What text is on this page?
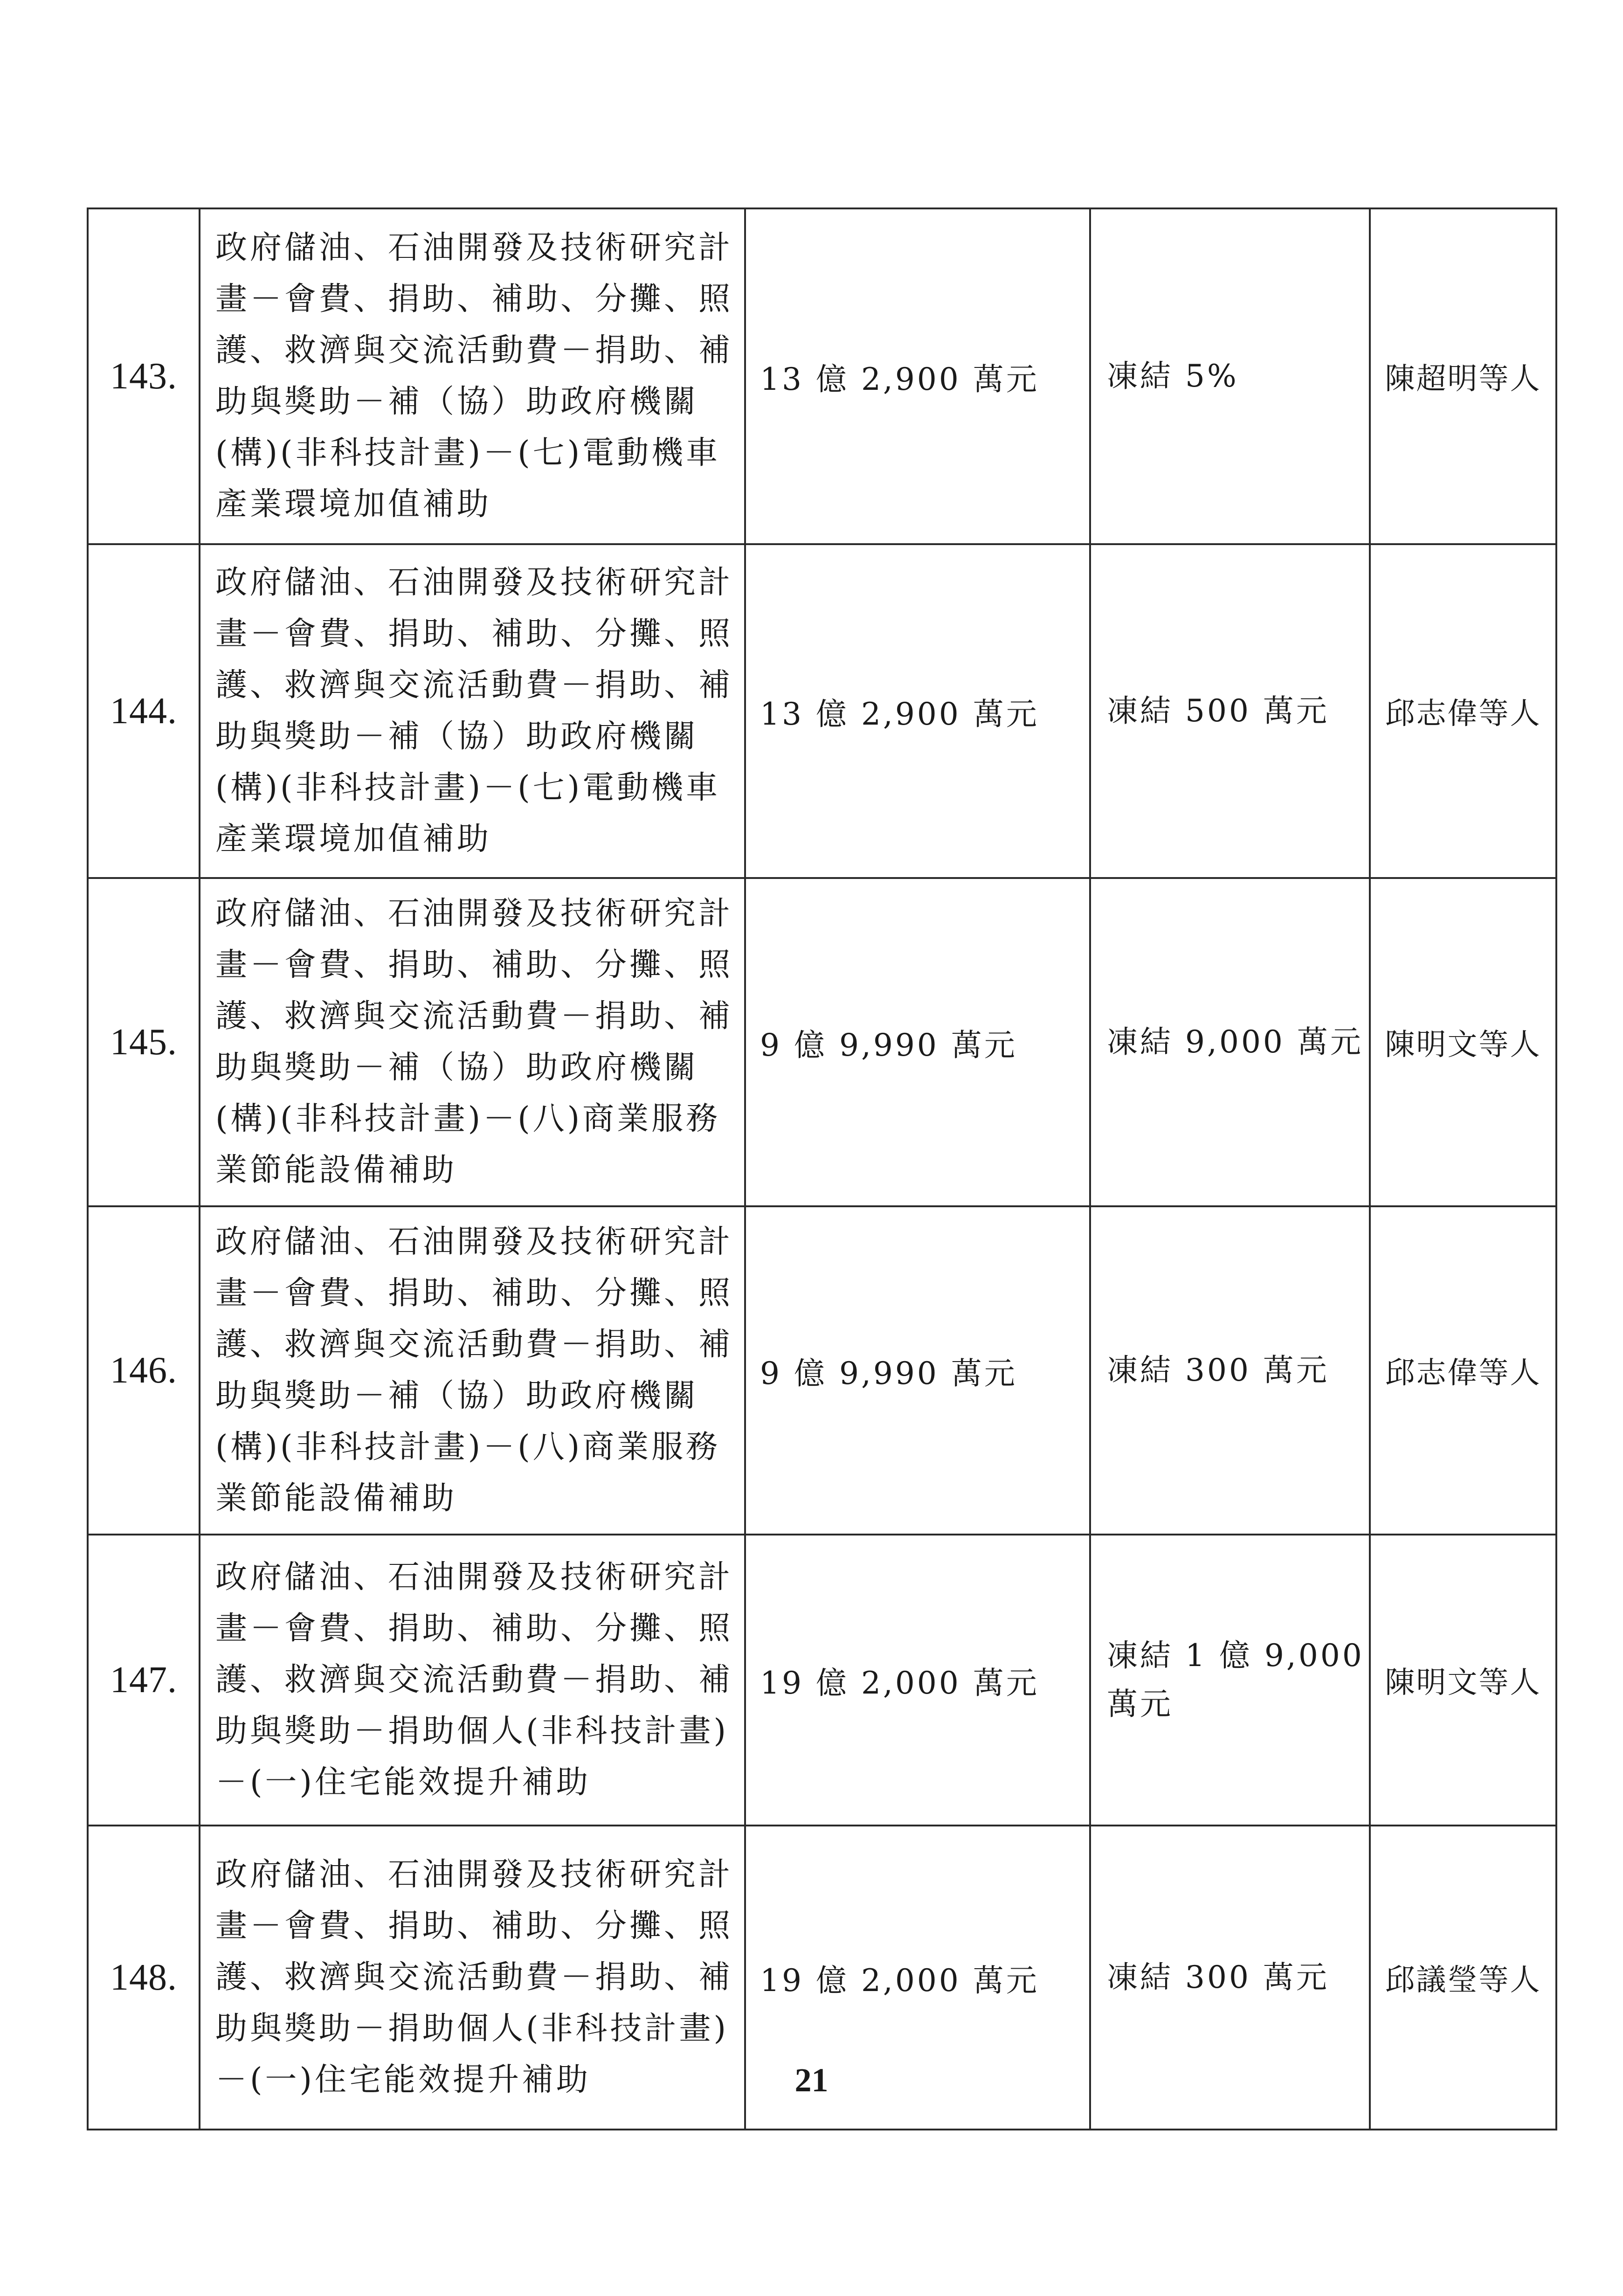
143.	政府儲油、石油開發及技術研究計畫－會費、捐助、補助、分攤、照護、救濟與交流活動費－捐助、補助與獎助－補（協）助政府機關(構)(非科技計畫)－(七)電動機車產業環境加值補助	13 億 2,900 萬元	凍結 5%	陳超明等人
144.	政府儲油、石油開發及技術研究計畫－會費、捐助、補助、分攤、照護、救濟與交流活動費－捐助、補助與獎助－補（協）助政府機關(構)(非科技計畫)－(七)電動機車產業環境加值補助	13 億 2,900 萬元	凍結 500 萬元	邱志偉等人
145.	政府儲油、石油開發及技術研究計畫－會費、捐助、補助、分攤、照護、救濟與交流活動費－捐助、補助與獎助－補（協）助政府機關(構)(非科技計畫)－(八)商業服務業節能設備補助	9 億 9,990 萬元	凍結 9,000 萬元	陳明文等人
146.	政府儲油、石油開發及技術研究計畫－會費、捐助、補助、分攤、照護、救濟與交流活動費－捐助、補助與獎助－補（協）助政府機關(構)(非科技計畫)－(八)商業服務業節能設備補助	9 億 9,990 萬元	凍結 300 萬元	邱志偉等人
147.	政府儲油、石油開發及技術研究計畫－會費、捐助、補助、分攤、照護、救濟與交流活動費－捐助、補助與獎助－捐助個人(非科技計畫)－(一)住宅能效提升補助	19 億 2,000 萬元	凍結 1 億 9,000 萬元	陳明文等人
148.	政府儲油、石油開發及技術研究計畫－會費、捐助、補助、分攤、照護、救濟與交流活動費－捐助、補助與獎助－捐助個人(非科技計畫)－(一)住宅能效提升補助	19 億 2,000 萬元	凍結 300 萬元	邱議瑩等人
21
